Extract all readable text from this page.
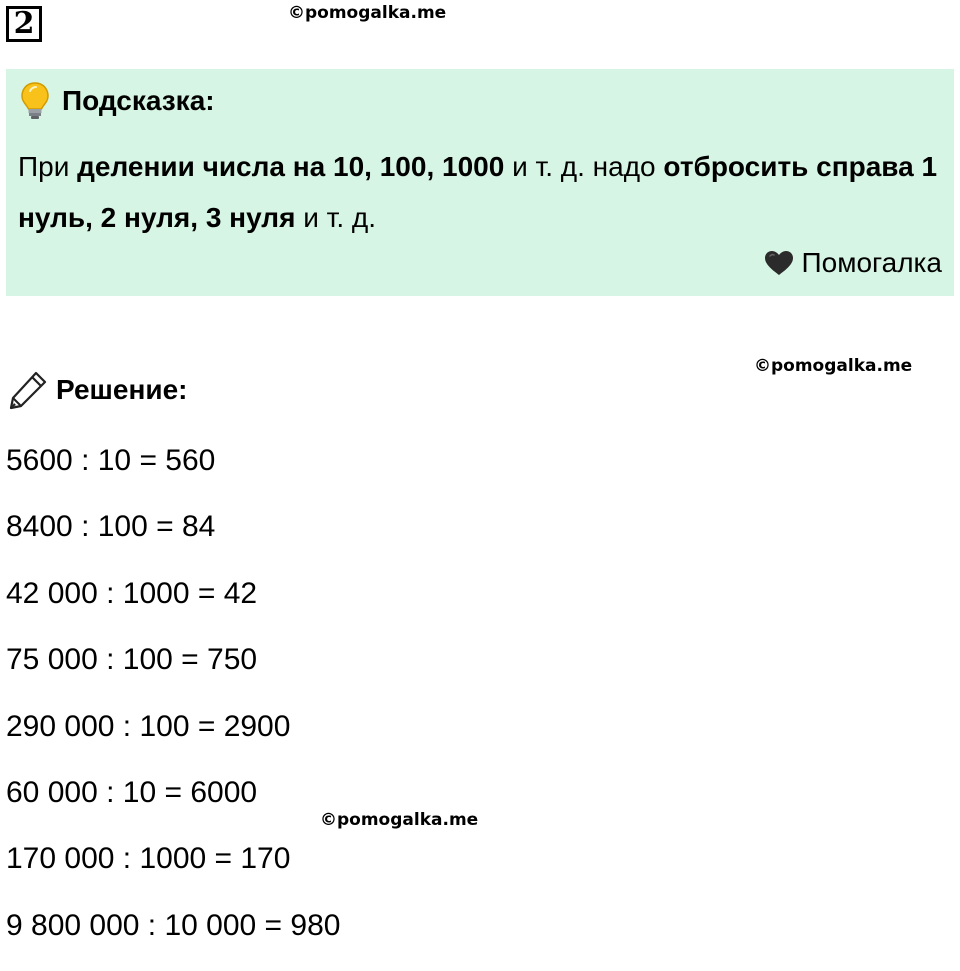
2	©pomogalka.me
Подсказка:
При делении числа на 10, 100, 1000 и т. д. надо отбросить справа 1 нуль, 2 нуля, 3 нуля и т. д.
Помогалка
©pomogalka.me
Решение:
5600 : 10 = 560
8400 : 100 = 84
42 000 : 1000 = 42
75 000 : 100 = 750
290 000 : 100 = 2900
60 000 : 10 = 6000
170 000 : 1000 = 170
9 800 000 : 10 000 = 980
©pomogalka.me
